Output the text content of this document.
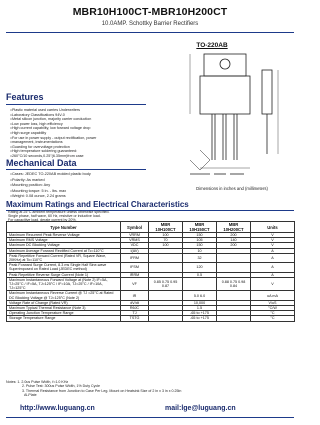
MBR10H100CT-MBR10H200CT
10.0AMP. Schottky Barrier Rectifiers
TO-220AB
Dimensions in inches and (millimeters)
Features
□ Plastic material used carries Underwriters
□ Laboratory Classifications 94V-0
□ Metal silicon junction, majority carrier conduction
□ Low power loss, high efficiency
□ High current capability, low forward voltage drop
□ High surge capability
□ For use in power supply - output rectification, power
□ management, instrumentations
□ Guarding for overvoltage protection
□ High temperature soldering guaranteed:
□ 260°C/10 seconds,0.25"(6.35mm)from case
Mechanical Data
□ Cases: JEDEC TO-220AB molded plastic body
□ Polarity: As marked
□ Mounting position: Any
□ Mounting torque: 5 in. - lbs. max
□ Weight: 0.08 ounce, 2.24 grams
Maximum Ratings and Electrical Characteristics
Rating at 25°C ambient temperature unless otherwise specified.
Single phase, half wave, 60 Hz, resistive or inductive load.
For capacitive load, derate current by 20%.
Type Number	Symbol	MBR 10H100CT	MBR 10H150CT	MBR 10H200CT	Units
Maximum Recurrent Peak Reverse Voltage	VRRM	100	150	200	V
Maximum RMS Voltage	VRMS	70	105	140	V
Maximum DC Blocking Voltage	VDC	100	150	200	V
Maximum Average Forward Rectified Current at Tc=110°C	I(AV)		10		A
Peak Repetitive Forward Current (Rated VR, Square Wave, 20KHz) at Tc=110°C	IFRM		32		A
Peak Forward Surge Current, 8.3 ms Single Half Sine-wave Superimposed on Rated Load (JEDEC method)	IFSM		120		A
Peak Repetitive Reverse Surge Current (Note 1)	IRRM		0.5		A
Maximum Instantaneous Forward Voltage at (Note 2) IF=5A, TJ=25°C / IF=5A, TJ=125°C / IF=10A, TJ=25°C / IF=10A, TJ=125°C	VF	0.85 0.75 0.95 0.87		0.88 0.75 0.98 0.84	V
Maximum Instantaneous Reverse Current @ TJ =25°C at Rated DC Blocking Voltage @ TJ=125°C (Note 2)	IR		5.0 6.0		uA mA
Voltage Rate of Change (Rated VR)	dV/dt		10,000		V/uS
Maximum Typical Thermal Resistance (Note 3)	RθJC		1.5		°C/W
Operating Junction Temperature Range	TJ		-65 to +175		°C
Storage Temperature Range	TSTG		-65 to +175		°C
Notes: 1. 2.0us Pulse Width, f=1.0 KHz
2. Pulse Test: 300us Pulse Width, 1% Duty Cycle
3. Thermal Resistance from Junction to Case Per Leg. Mount on Heatsink Size of 2 in x 3 in x 0.25in
Al-Plate
http://www.luguang.cn	mail:lge@luguang.cn
